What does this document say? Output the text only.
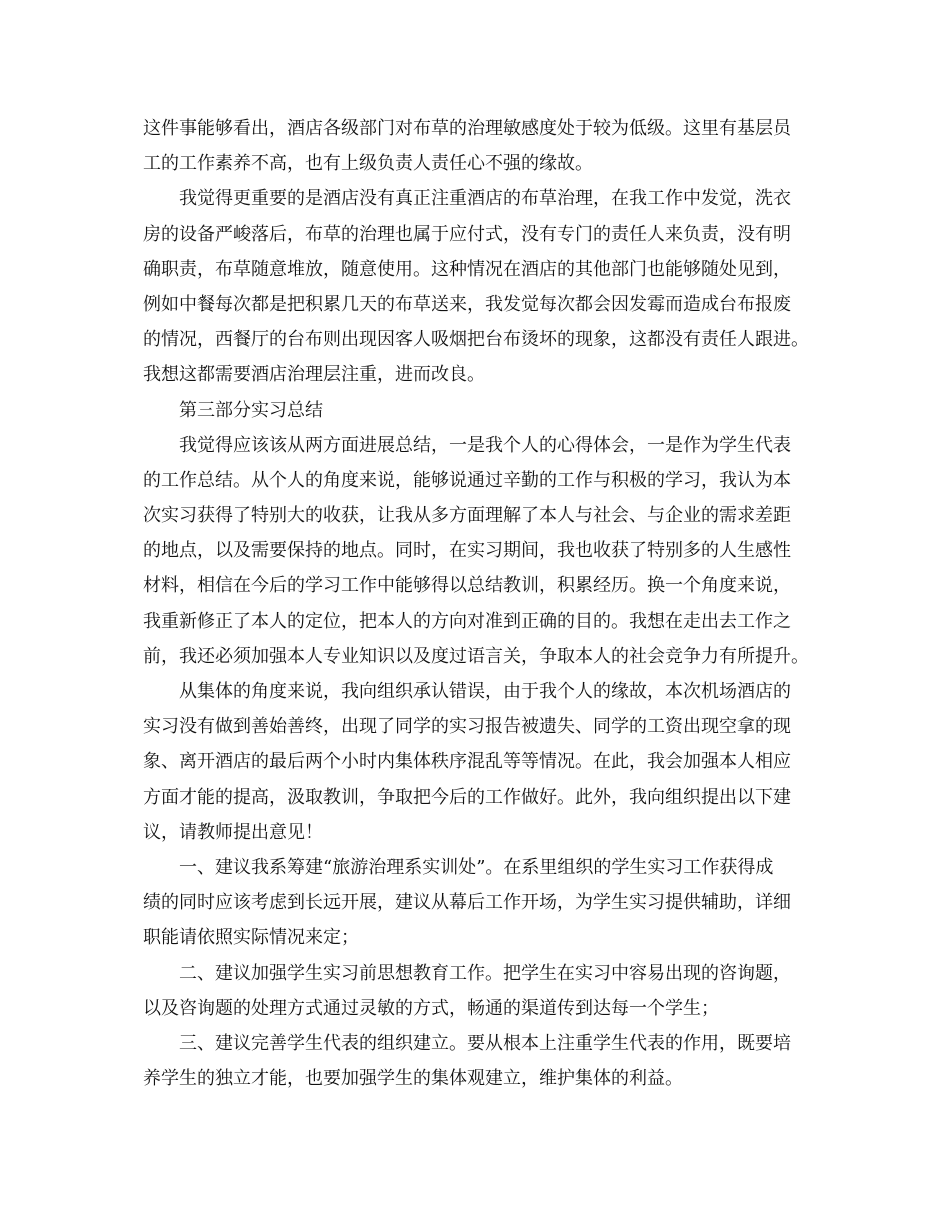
这件事能够看出，酒店各级部门对布草的治理敏感度处于较为低级。这里有基层员
工的工作素养不高，也有上级负责人责任心不强的缘故。
我觉得更重要的是酒店没有真正注重酒店的布草治理，在我工作中发觉，洗衣
房的设备严峻落后，布草的治理也属于应付式，没有专门的责任人来负责，没有明
确职责，布草随意堆放，随意使用。这种情况在酒店的其他部门也能够随处见到，
例如中餐每次都是把积累几天的布草送来，我发觉每次都会因发霉而造成台布报废
的情况，西餐厅的台布则出现因客人吸烟把台布烫坏的现象，这都没有责任人跟进。
我想这都需要酒店治理层注重，进而改良。
第三部分实习总结
我觉得应该该从两方面进展总结，一是我个人的心得体会，一是作为学生代表
的工作总结。从个人的角度来说，能够说通过辛勤的工作与积极的学习，我认为本
次实习获得了特别大的收获，让我从多方面理解了本人与社会、与企业的需求差距
的地点，以及需要保持的地点。同时，在实习期间，我也收获了特别多的人生感性
材料，相信在今后的学习工作中能够得以总结教训，积累经历。换一个角度来说，
我重新修正了本人的定位，把本人的方向对准到正确的目的。我想在走出去工作之
前，我还必须加强本人专业知识以及度过语言关，争取本人的社会竞争力有所提升。
从集体的角度来说，我向组织承认错误，由于我个人的缘故，本次机场酒店的
实习没有做到善始善终，出现了同学的实习报告被遗失、同学的工资出现空拿的现
象、离开酒店的最后两个小时内集体秩序混乱等等情况。在此，我会加强本人相应
方面才能的提高，汲取教训，争取把今后的工作做好。此外，我向组织提出以下建
议，请教师提出意见！
一、建议我系筹建“旅游治理系实训处”。在系里组织的学生实习工作获得成
绩的同时应该考虑到长远开展，建议从幕后工作开场，为学生实习提供辅助，详细
职能请依照实际情况来定；
二、建议加强学生实习前思想教育工作。把学生在实习中容易出现的咨询题，
以及咨询题的处理方式通过灵敏的方式，畅通的渠道传到达每一个学生；
三、建议完善学生代表的组织建立。要从根本上注重学生代表的作用，既要培
养学生的独立才能，也要加强学生的集体观建立，维护集体的利益。
